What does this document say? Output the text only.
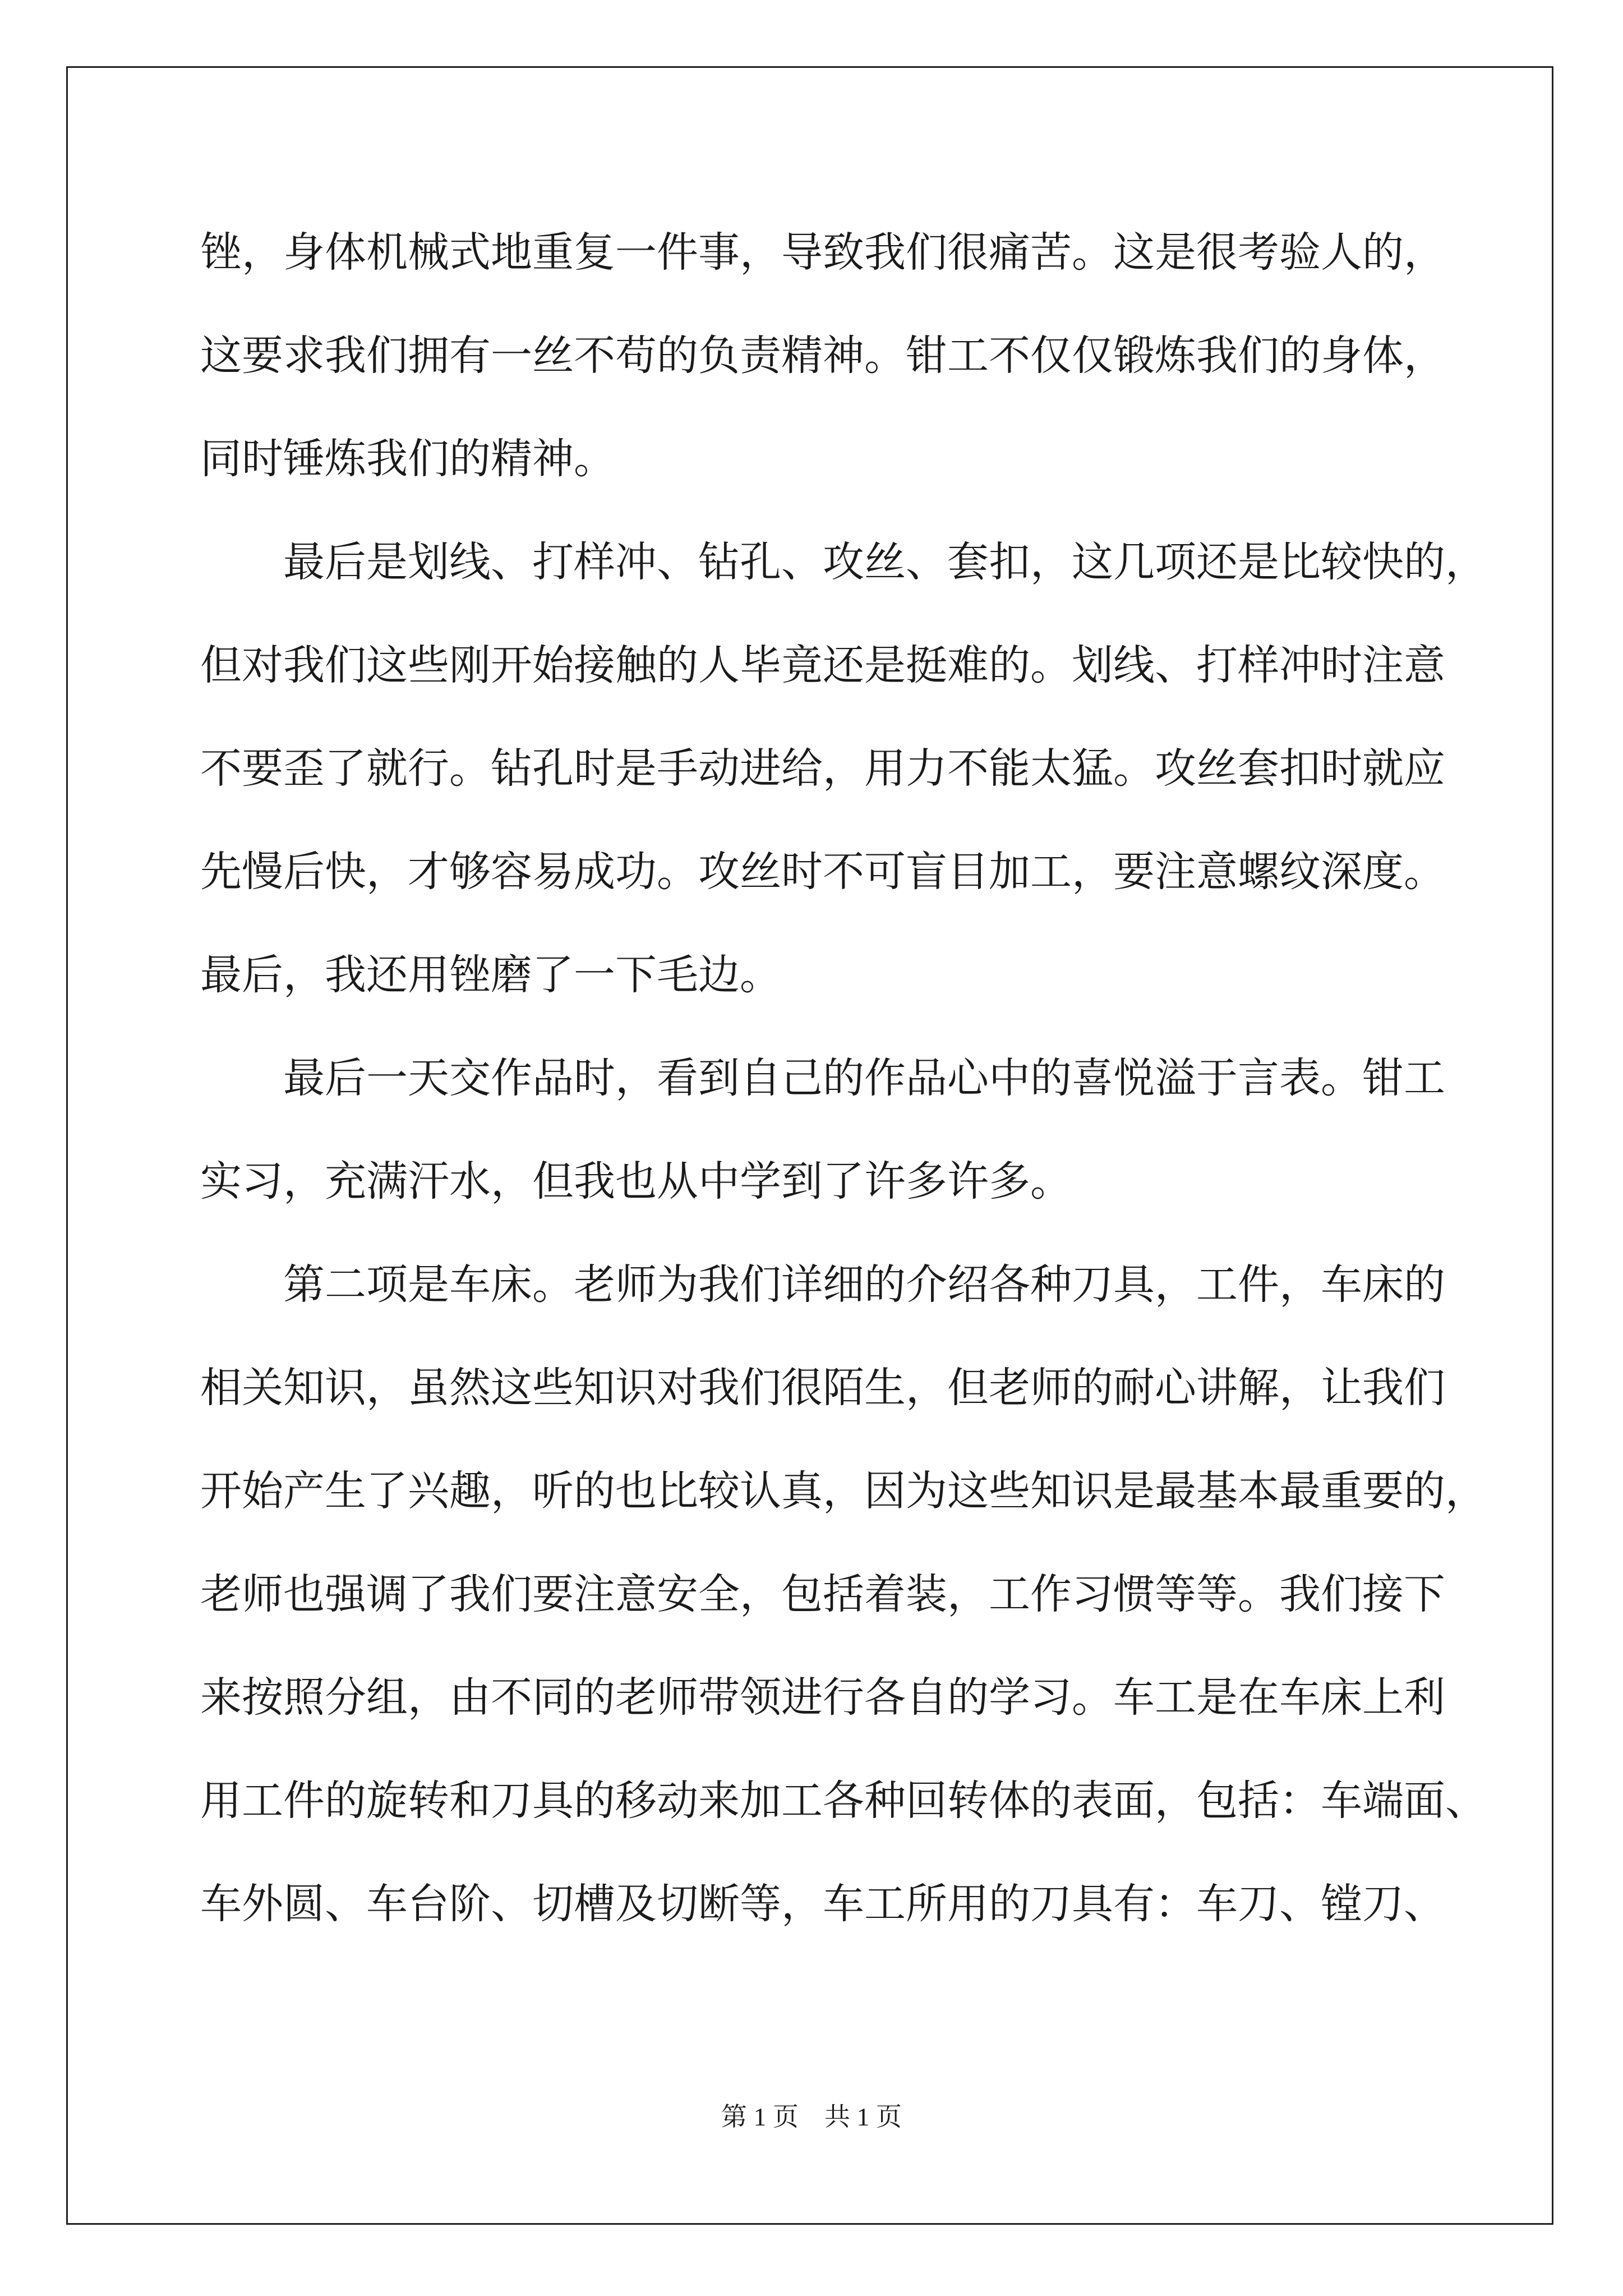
锉，身体机械式地重复一件事，导致我们很痛苦。这是很考验人的，
这要求我们拥有一丝不苟的负责精神。钳工不仅仅锻炼我们的身体，
同时锤炼我们的精神。
　　最后是划线、打样冲、钻孔、攻丝、套扣，这几项还是比较快的，
但对我们这些刚开始接触的人毕竟还是挺难的。划线、打样冲时注意
不要歪了就行。钻孔时是手动进给，用力不能太猛。攻丝套扣时就应
先慢后快，才够容易成功。攻丝时不可盲目加工，要注意螺纹深度。
最后，我还用锉磨了一下毛边。
　　最后一天交作品时，看到自己的作品心中的喜悦溢于言表。钳工
实习，充满汗水，但我也从中学到了许多许多。
　　第二项是车床。老师为我们详细的介绍各种刀具，工件，车床的
相关知识，虽然这些知识对我们很陌生，但老师的耐心讲解，让我们
开始产生了兴趣，听的也比较认真，因为这些知识是最基本最重要的，
老师也强调了我们要注意安全，包括着装，工作习惯等等。我们接下
来按照分组，由不同的老师带领进行各自的学习。车工是在车床上利
用工件的旋转和刀具的移动来加工各种回转体的表面，包括：车端面、
车外圆、车台阶、切槽及切断等，车工所用的刀具有：车刀、镗刀、
第 1 页　共 1 页
